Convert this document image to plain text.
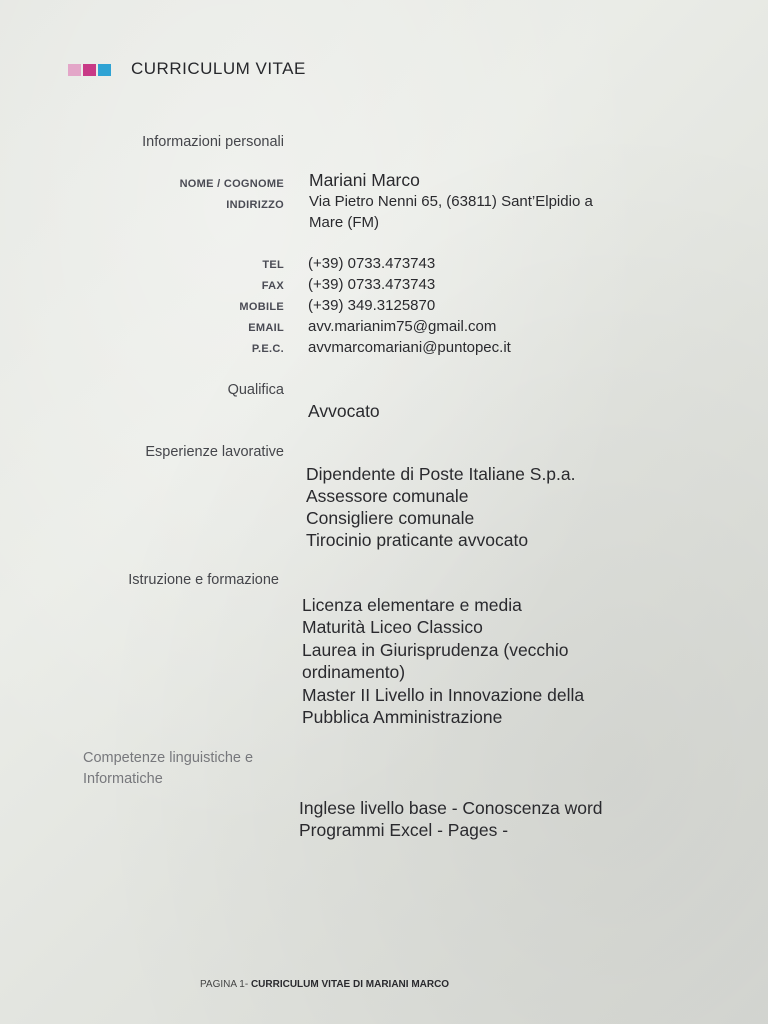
CURRICULUM VITAE
Informazioni personali
NOME / COGNOME Mariani Marco
INDIRIZZO Via Pietro Nenni 65, (63811) Sant’Elpidio a
Mare (FM)
TEL (+39) 0733.473743
FAX (+39) 0733.473743
MOBILE (+39) 349.3125870
EMAIL avv.marianim75@gmail.com
P.E.C. avvmarcomariani@puntopec.it
Qualifica
Avvocato
Esperienze lavorative
Dipendente di Poste Italiane S.p.a.
Assessore comunale
Consigliere comunale
Tirocinio praticante avvocato
Istruzione e formazione
Licenza elementare e media
Maturità Liceo Classico
Laurea in Giurisprudenza (vecchio
ordinamento)
Master II Livello in Innovazione della
Pubblica Amministrazione
Competenze linguistiche e
Informatiche
Inglese livello base - Conoscenza word
Programmi Excel - Pages -
PAGINA 1- CURRICULUM VITAE DI MARIANI MARCO
